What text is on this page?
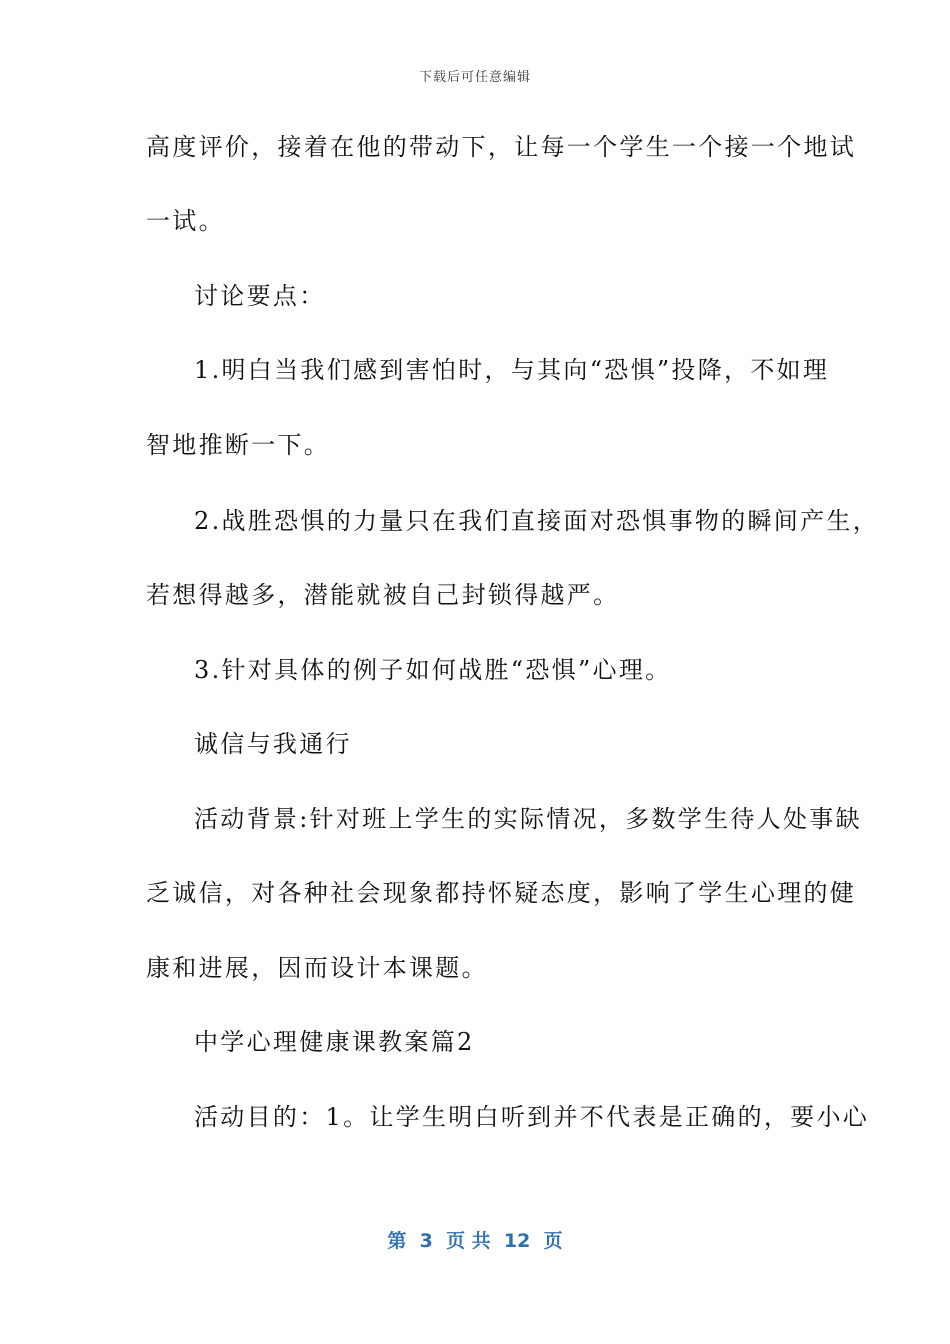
下载后可任意编辑
高度评价，接着在他的带动下，让每一个学生一个接一个地试
一试。
讨论要点：
1.明白当我们感到害怕时，与其向“恐惧”投降，不如理
智地推断一下。
2.战胜恐惧的力量只在我们直接面对恐惧事物的瞬间产生，
若想得越多，潜能就被自己封锁得越严。
3.针对具体的例子如何战胜“恐惧”心理。
诚信与我通行
活动背景:针对班上学生的实际情况，多数学生待人处事缺
乏诚信，对各种社会现象都持怀疑态度，影响了学生心理的健
康和进展，因而设计本课题。
中学心理健康课教案篇2
活动目的：1。让学生明白听到并不代表是正确的，要小心
第  3  页 共  12  页
